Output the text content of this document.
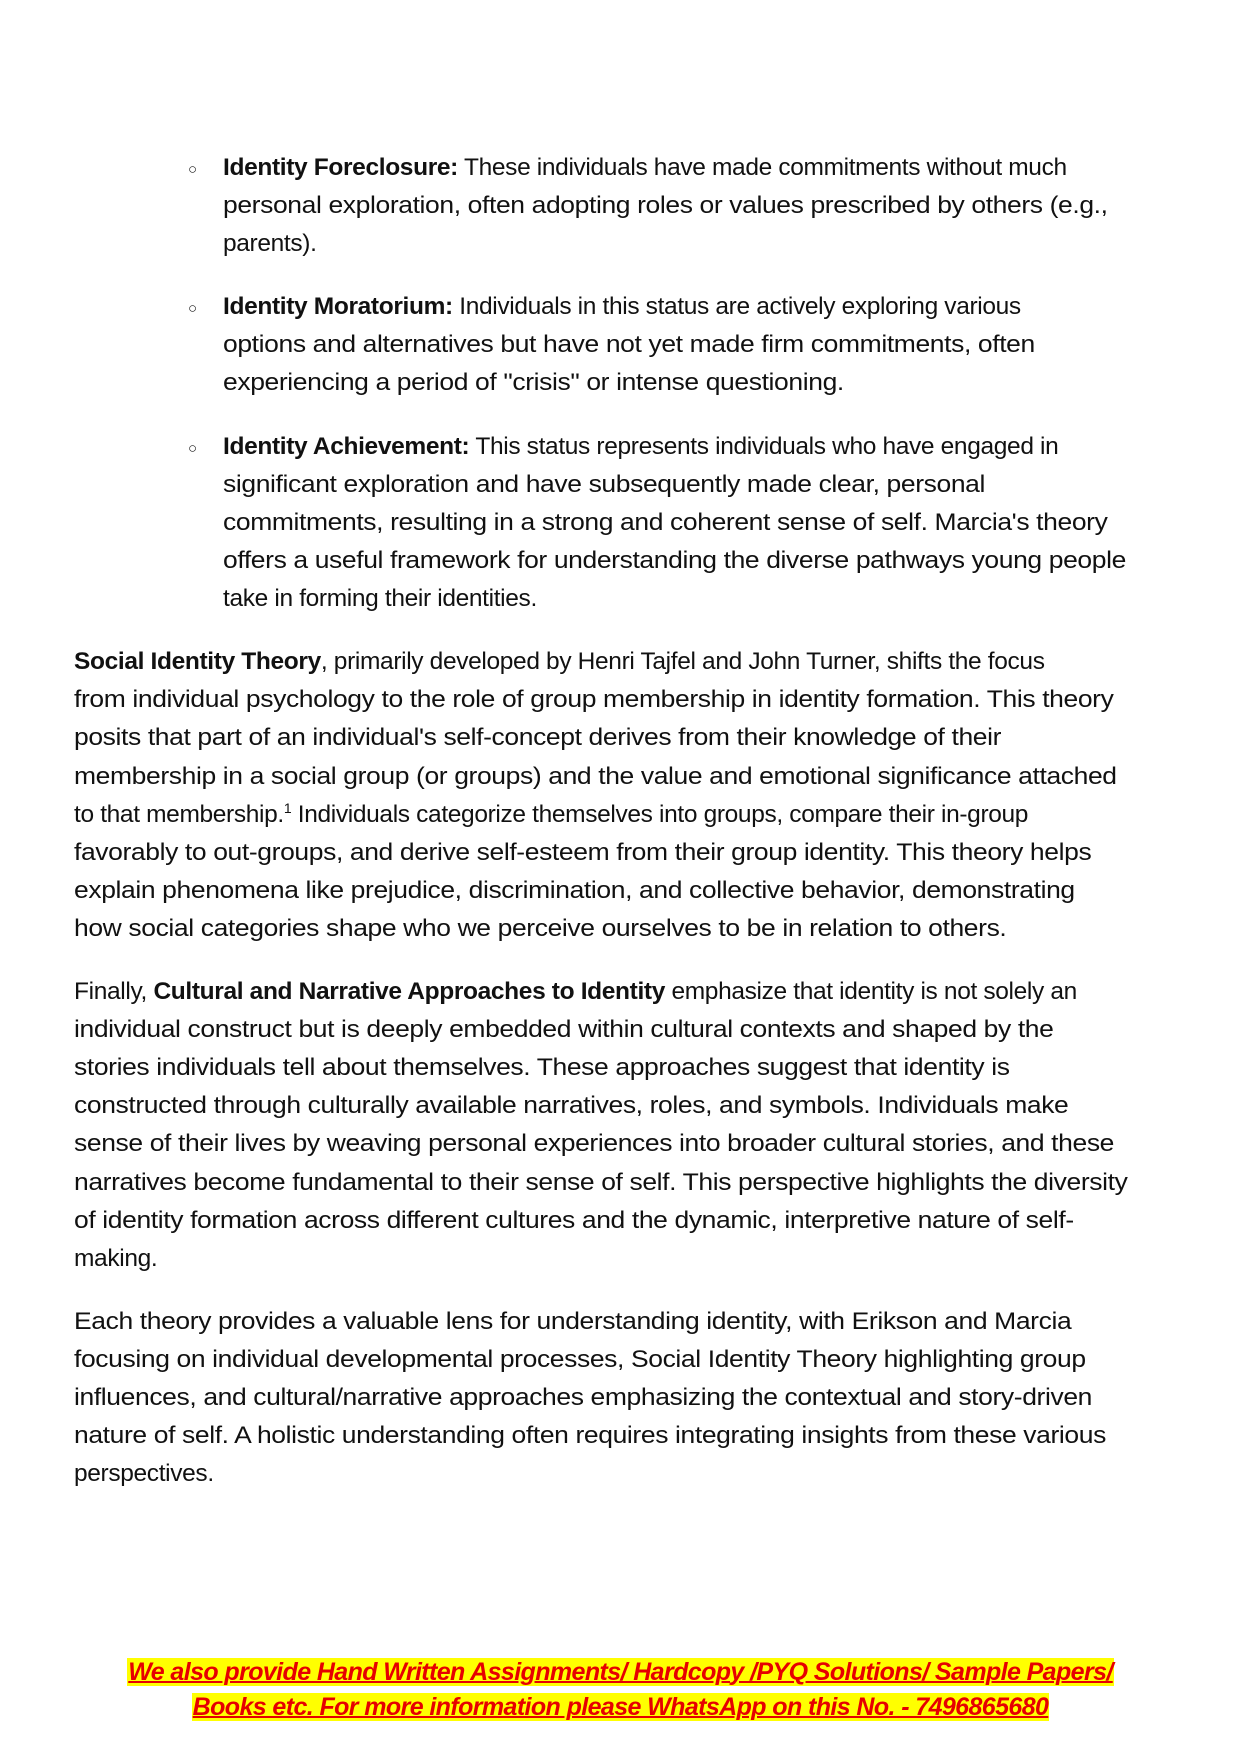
○ Identity Foreclosure: These individuals have made commitments without much
personal exploration, often adopting roles or values prescribed by others (e.g.,
parents).
○ Identity Moratorium: Individuals in this status are actively exploring various
options and alternatives but have not yet made firm commitments, often
experiencing a period of "crisis" or intense questioning.
○ Identity Achievement: This status represents individuals who have engaged in
significant exploration and have subsequently made clear, personal
commitments, resulting in a strong and coherent sense of self. Marcia's theory
offers a useful framework for understanding the diverse pathways young people
take in forming their identities.
Social Identity Theory, primarily developed by Henri Tajfel and John Turner, shifts the focus
from individual psychology to the role of group membership in identity formation. This theory
posits that part of an individual's self-concept derives from their knowledge of their
membership in a social group (or groups) and the value and emotional significance attached
to that membership.$^1$ Individuals categorize themselves into groups, compare their in-group
favorably to out-groups, and derive self-esteem from their group identity. This theory helps
explain phenomena like prejudice, discrimination, and collective behavior, demonstrating
how social categories shape who we perceive ourselves to be in relation to others.
Finally, Cultural and Narrative Approaches to Identity emphasize that identity is not solely an
individual construct but is deeply embedded within cultural contexts and shaped by the
stories individuals tell about themselves. These approaches suggest that identity is
constructed through culturally available narratives, roles, and symbols. Individuals make
sense of their lives by weaving personal experiences into broader cultural stories, and these
narratives become fundamental to their sense of self. This perspective highlights the diversity
of identity formation across different cultures and the dynamic, interpretive nature of self-
making.
Each theory provides a valuable lens for understanding identity, with Erikson and Marcia
focusing on individual developmental processes, Social Identity Theory highlighting group
influences, and cultural/narrative approaches emphasizing the contextual and story-driven
nature of self. A holistic understanding often requires integrating insights from these various
perspectives.
We also provide Hand Written Assignments/ Hardcopy /PYQ Solutions/ Sample Papers/
Books etc. For more information please WhatsApp on this No. - 7496865680
